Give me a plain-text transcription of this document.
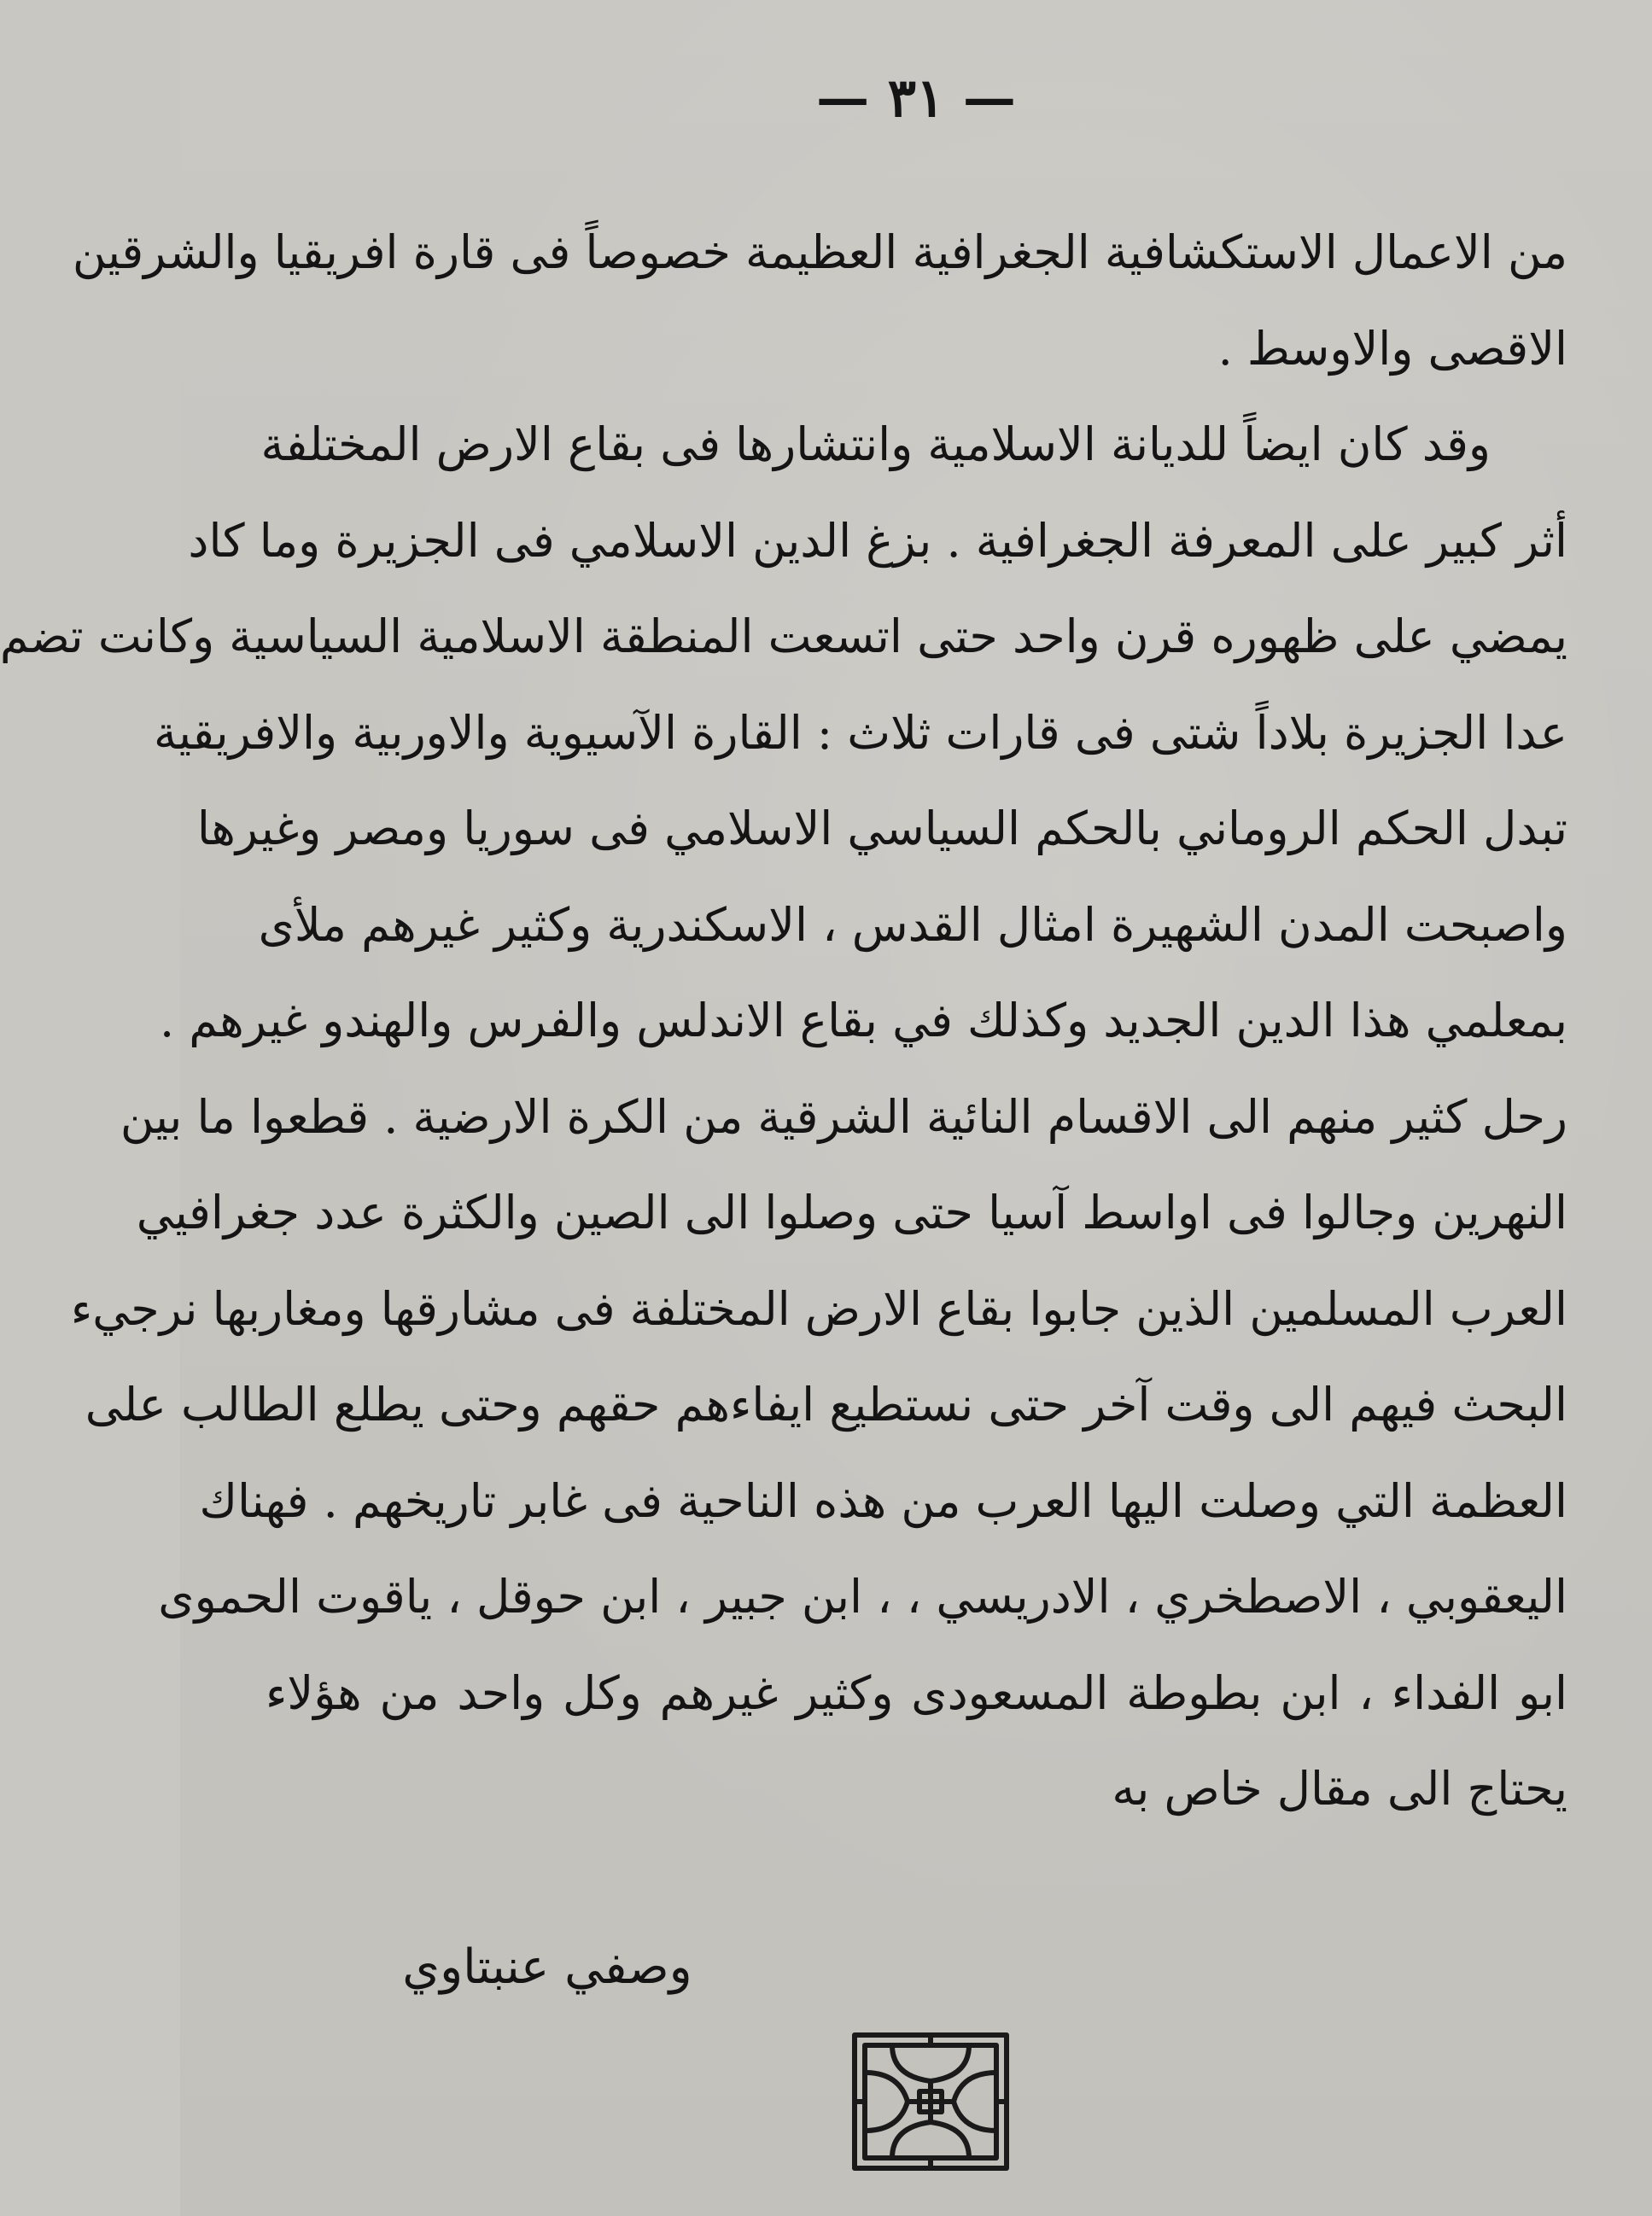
— ٣١ —
من الاعمال الاستكشافية الجغرافية العظيمة خصوصاً فى قارة افريقيا والشرقين
الاقصى والاوسط .
وقد كان ايضاً للديانة الاسلامية وانتشارها فى بقاع الارض المختلفة
أثر كبير على المعرفة الجغرافية . بزغ الدين الاسلامي فى الجزيرة وما كاد
يمضي على ظهوره قرن واحد حتى اتسعت المنطقة الاسلامية السياسية وكانت تضم
عدا الجزيرة بلاداً شتى فى قارات ثلاث : القارة الآسيوية والاوربية والافريقية
تبدل الحكم الروماني بالحكم السياسي الاسلامي فى سوريا ومصر وغيرها
واصبحت المدن الشهيرة امثال القدس ، الاسكندرية وكثير غيرهم ملأى
بمعلمي هذا الدين الجديد وكذلك في بقاع الاندلس والفرس والهندو غيرهم .
رحل كثير منهم الى الاقسام النائية الشرقية من الكرة الارضية . قطعوا ما بين
النهرين وجالوا فى اواسط آسيا حتى وصلوا الى الصين والكثرة عدد جغرافيي
العرب المسلمين الذين جابوا بقاع الارض المختلفة فى مشارقها ومغاربها نرجيء
البحث فيهم الى وقت آخر حتى نستطيع ايفاءهم حقهم وحتى يطلع الطالب على
العظمة التي وصلت اليها العرب من هذه الناحية فى غابر تاريخهم . فهناك
اليعقوبي ، الاصطخري ، الادريسي ، ، ابن جبير ، ابن حوقل ، ياقوت الحموى
ابو الفداء ، ابن بطوطة المسعودى وكثير غيرهم وكل واحد من هؤلاء
يحتاج الى مقال خاص به
وصفي عنبتاوي
